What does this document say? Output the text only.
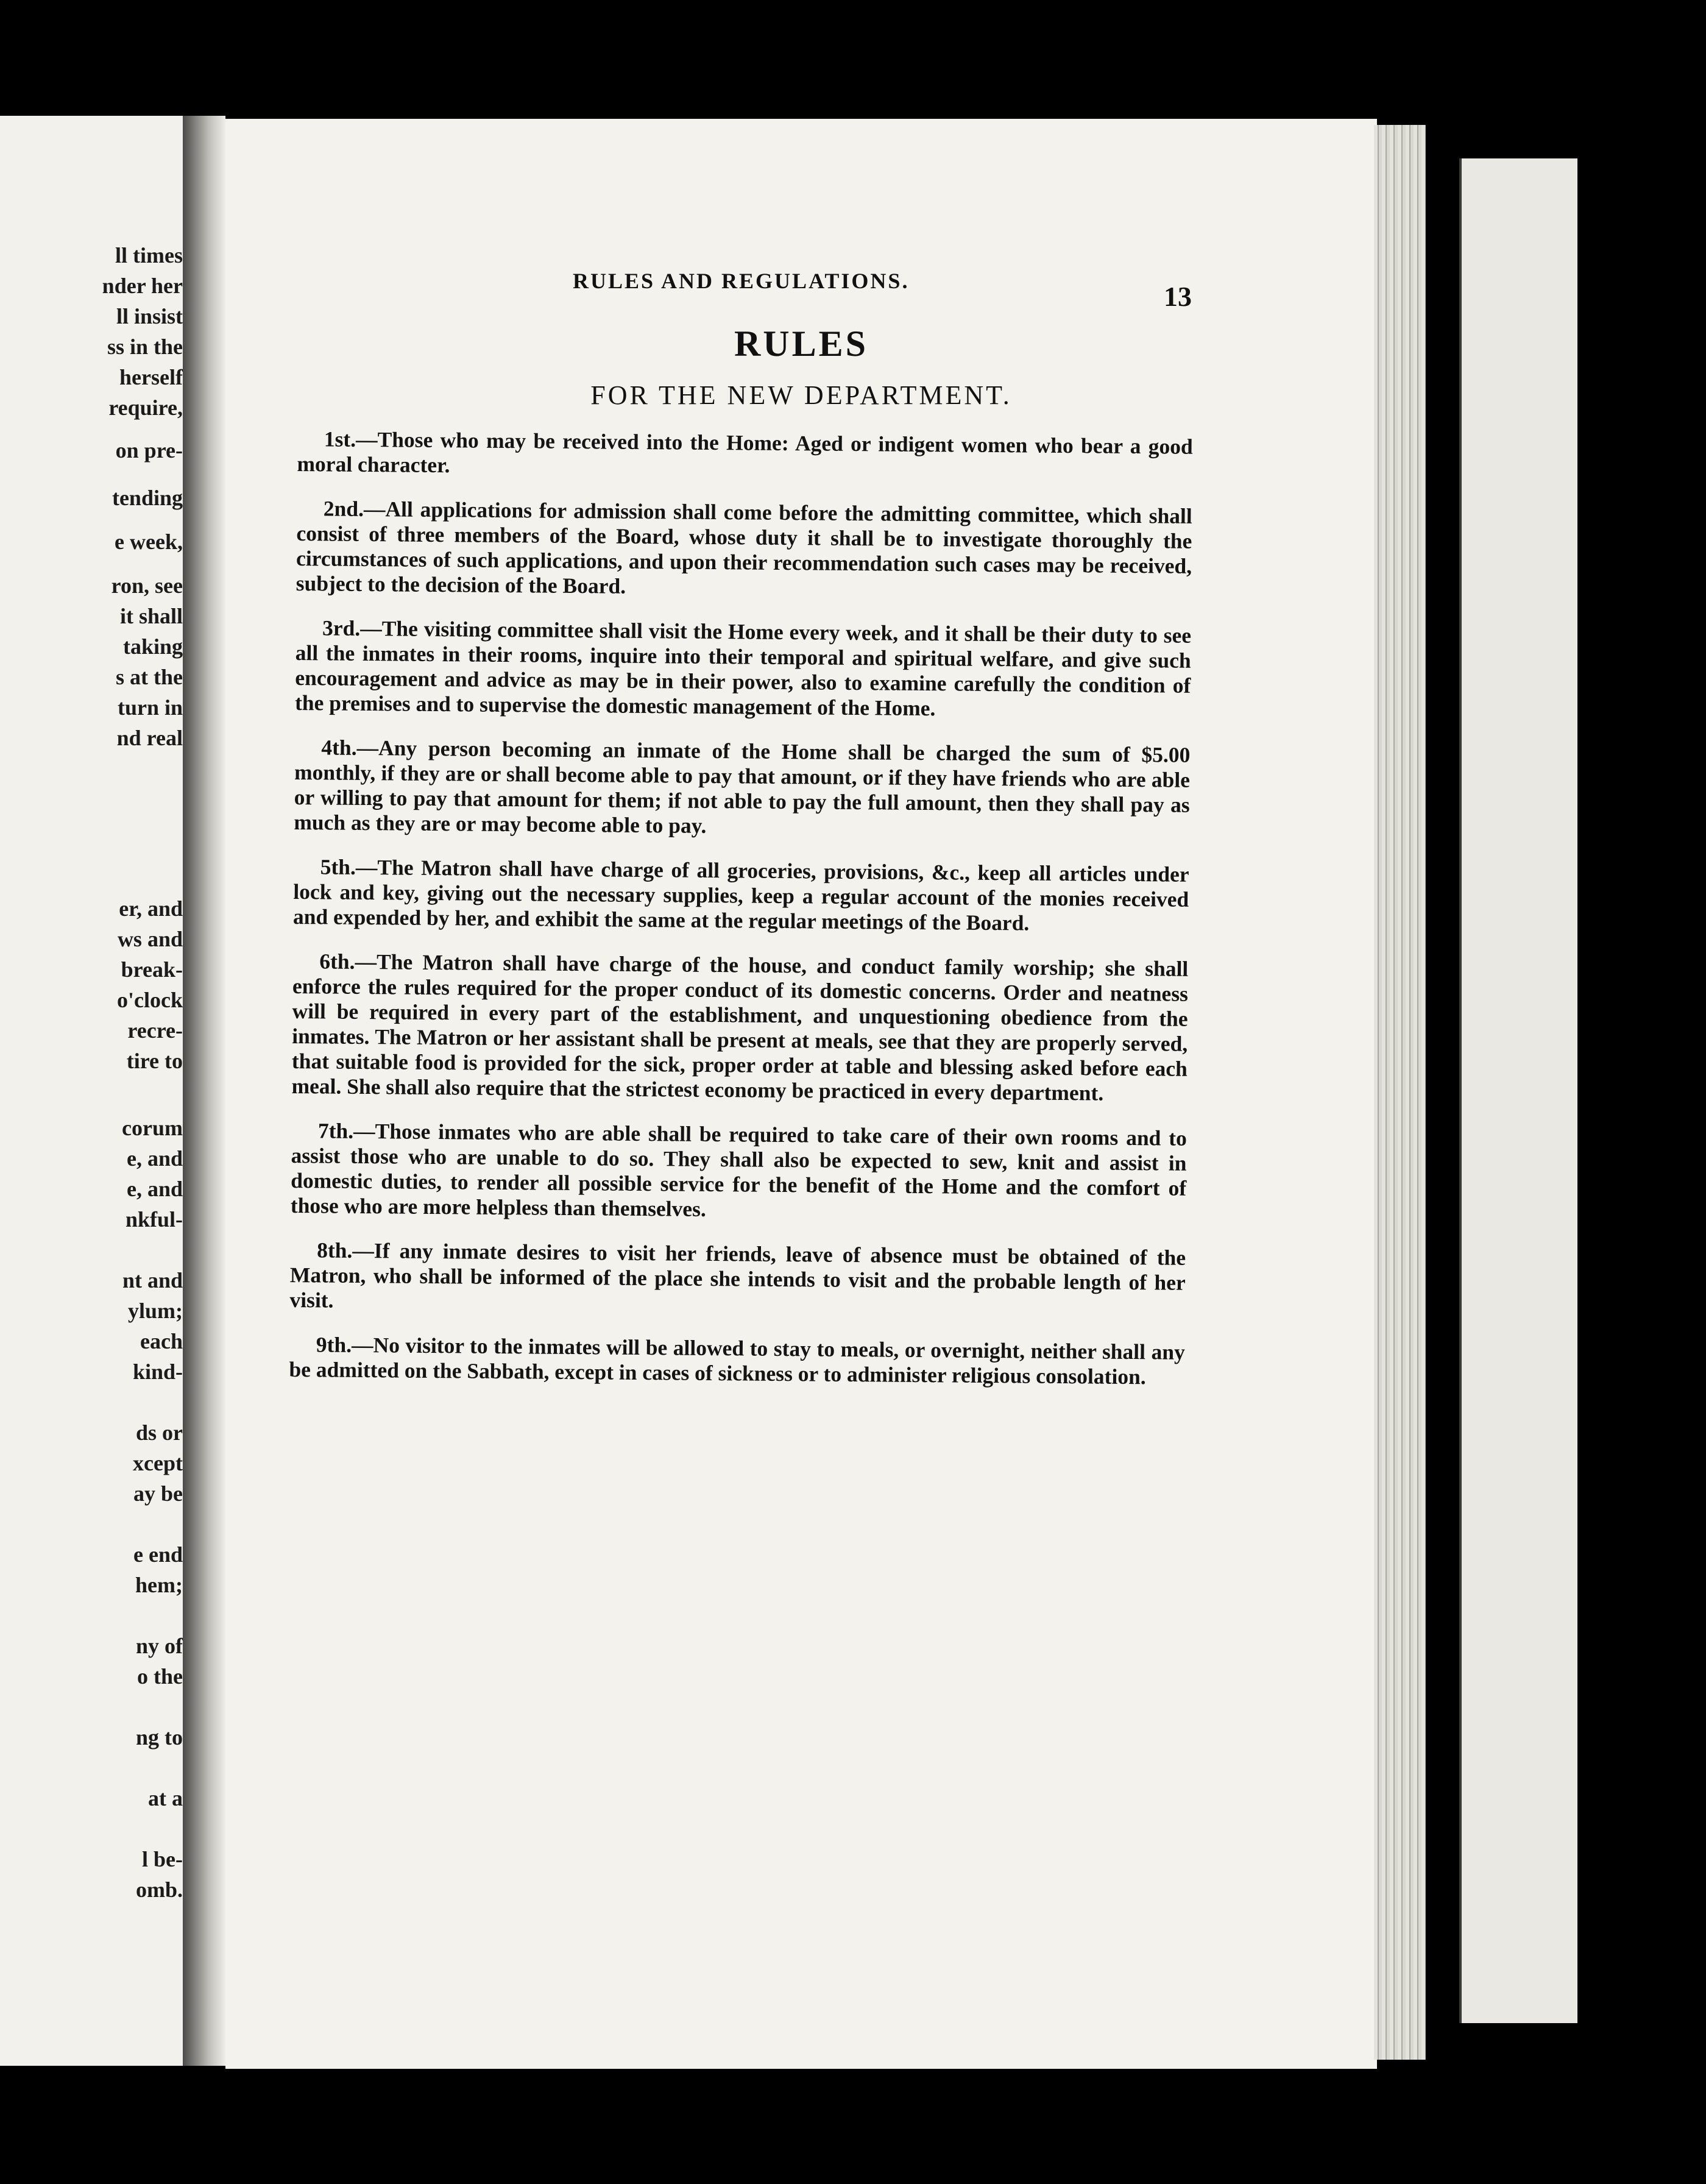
ll times
nder her
ll insist
ss in the
herself
require,
on pre-
tending
e week,
ron, see
it shall
taking
s at the
turn in
nd real
er, and
ws and
break-
o'clock
recre-
tire to
corum
e, and
e, and
nkful-
nt and
ylum;
each
kind-
ds or
xcept
ay be
e end
hem;
ny of
o the
ng to
at a
l be-
omb.
RULES AND REGULATIONS.	13
RULES
FOR THE NEW DEPARTMENT.

1st.—Those who may be received into the Home: Aged or indigent women who bear a good moral character.

2nd.—All applications for admission shall come before the admitting committee, which shall consist of three members of the Board, whose duty it shall be to investigate thoroughly the circumstances of such applications, and upon their recommendation such cases may be received, subject to the decision of the Board.

3rd.—The visiting committee shall visit the Home every week, and it shall be their duty to see all the inmates in their rooms, inquire into their temporal and spiritual welfare, and give such encouragement and advice as may be in their power, also to examine carefully the condition of the premises and to supervise the domestic management of the Home.

4th.—Any person becoming an inmate of the Home shall be charged the sum of $5.00 monthly, if they are or shall become able to pay that amount, or if they have friends who are able or willing to pay that amount for them; if not able to pay the full amount, then they shall pay as much as they are or may become able to pay.

5th.—The Matron shall have charge of all groceries, provisions, &c., keep all articles under lock and key, giving out the necessary supplies, keep a regular account of the monies received and expended by her, and exhibit the same at the regular meetings of the Board.

6th.—The Matron shall have charge of the house, and conduct family worship; she shall enforce the rules required for the proper conduct of its domestic concerns. Order and neatness will be required in every part of the establishment, and unquestioning obedience from the inmates. The Matron or her assistant shall be present at meals, see that they are properly served, that suitable food is provided for the sick, proper order at table and blessing asked before each meal. She shall also require that the strictest economy be practiced in every department.

7th.—Those inmates who are able shall be required to take care of their own rooms and to assist those who are unable to do so. They shall also be expected to sew, knit and assist in domestic duties, to render all possible service for the benefit of the Home and the comfort of those who are more helpless than themselves.

8th.—If any inmate desires to visit her friends, leave of absence must be obtained of the Matron, who shall be informed of the place she intends to visit and the probable length of her visit.

9th.—No visitor to the inmates will be allowed to stay to meals, or overnight, neither shall any be admitted on the Sabbath, except in cases of sickness or to administer religious consolation.
